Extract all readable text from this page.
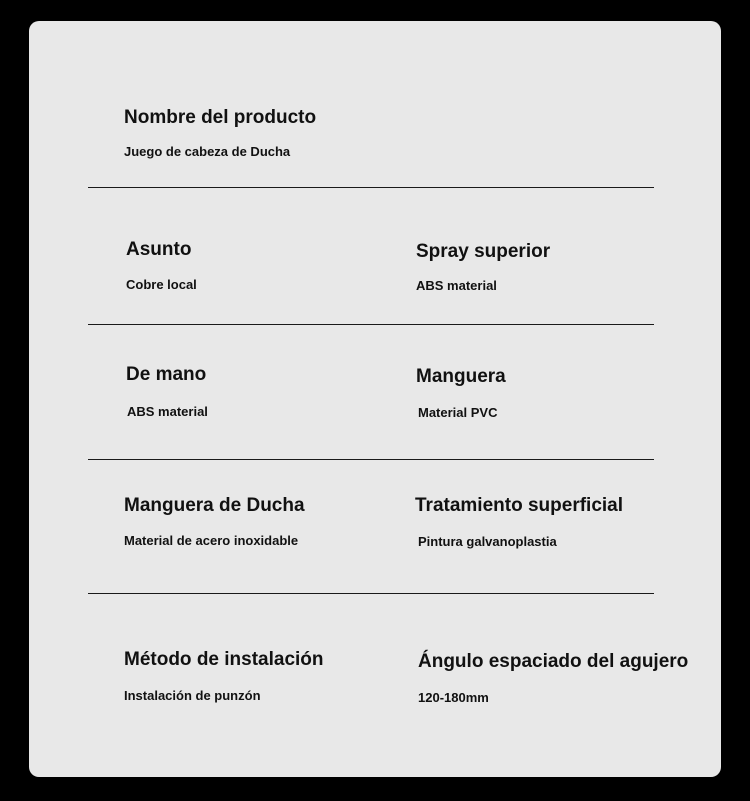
Nombre del producto
Juego de cabeza de Ducha
Asunto
Cobre local
Spray superior
ABS material
De mano
ABS material
Manguera
Material PVC
Manguera de Ducha
Material de acero inoxidable
Tratamiento superficial
Pintura galvanoplastia
Método de instalación
Instalación de punzón
Ángulo espaciado del agujero
120-180mm
